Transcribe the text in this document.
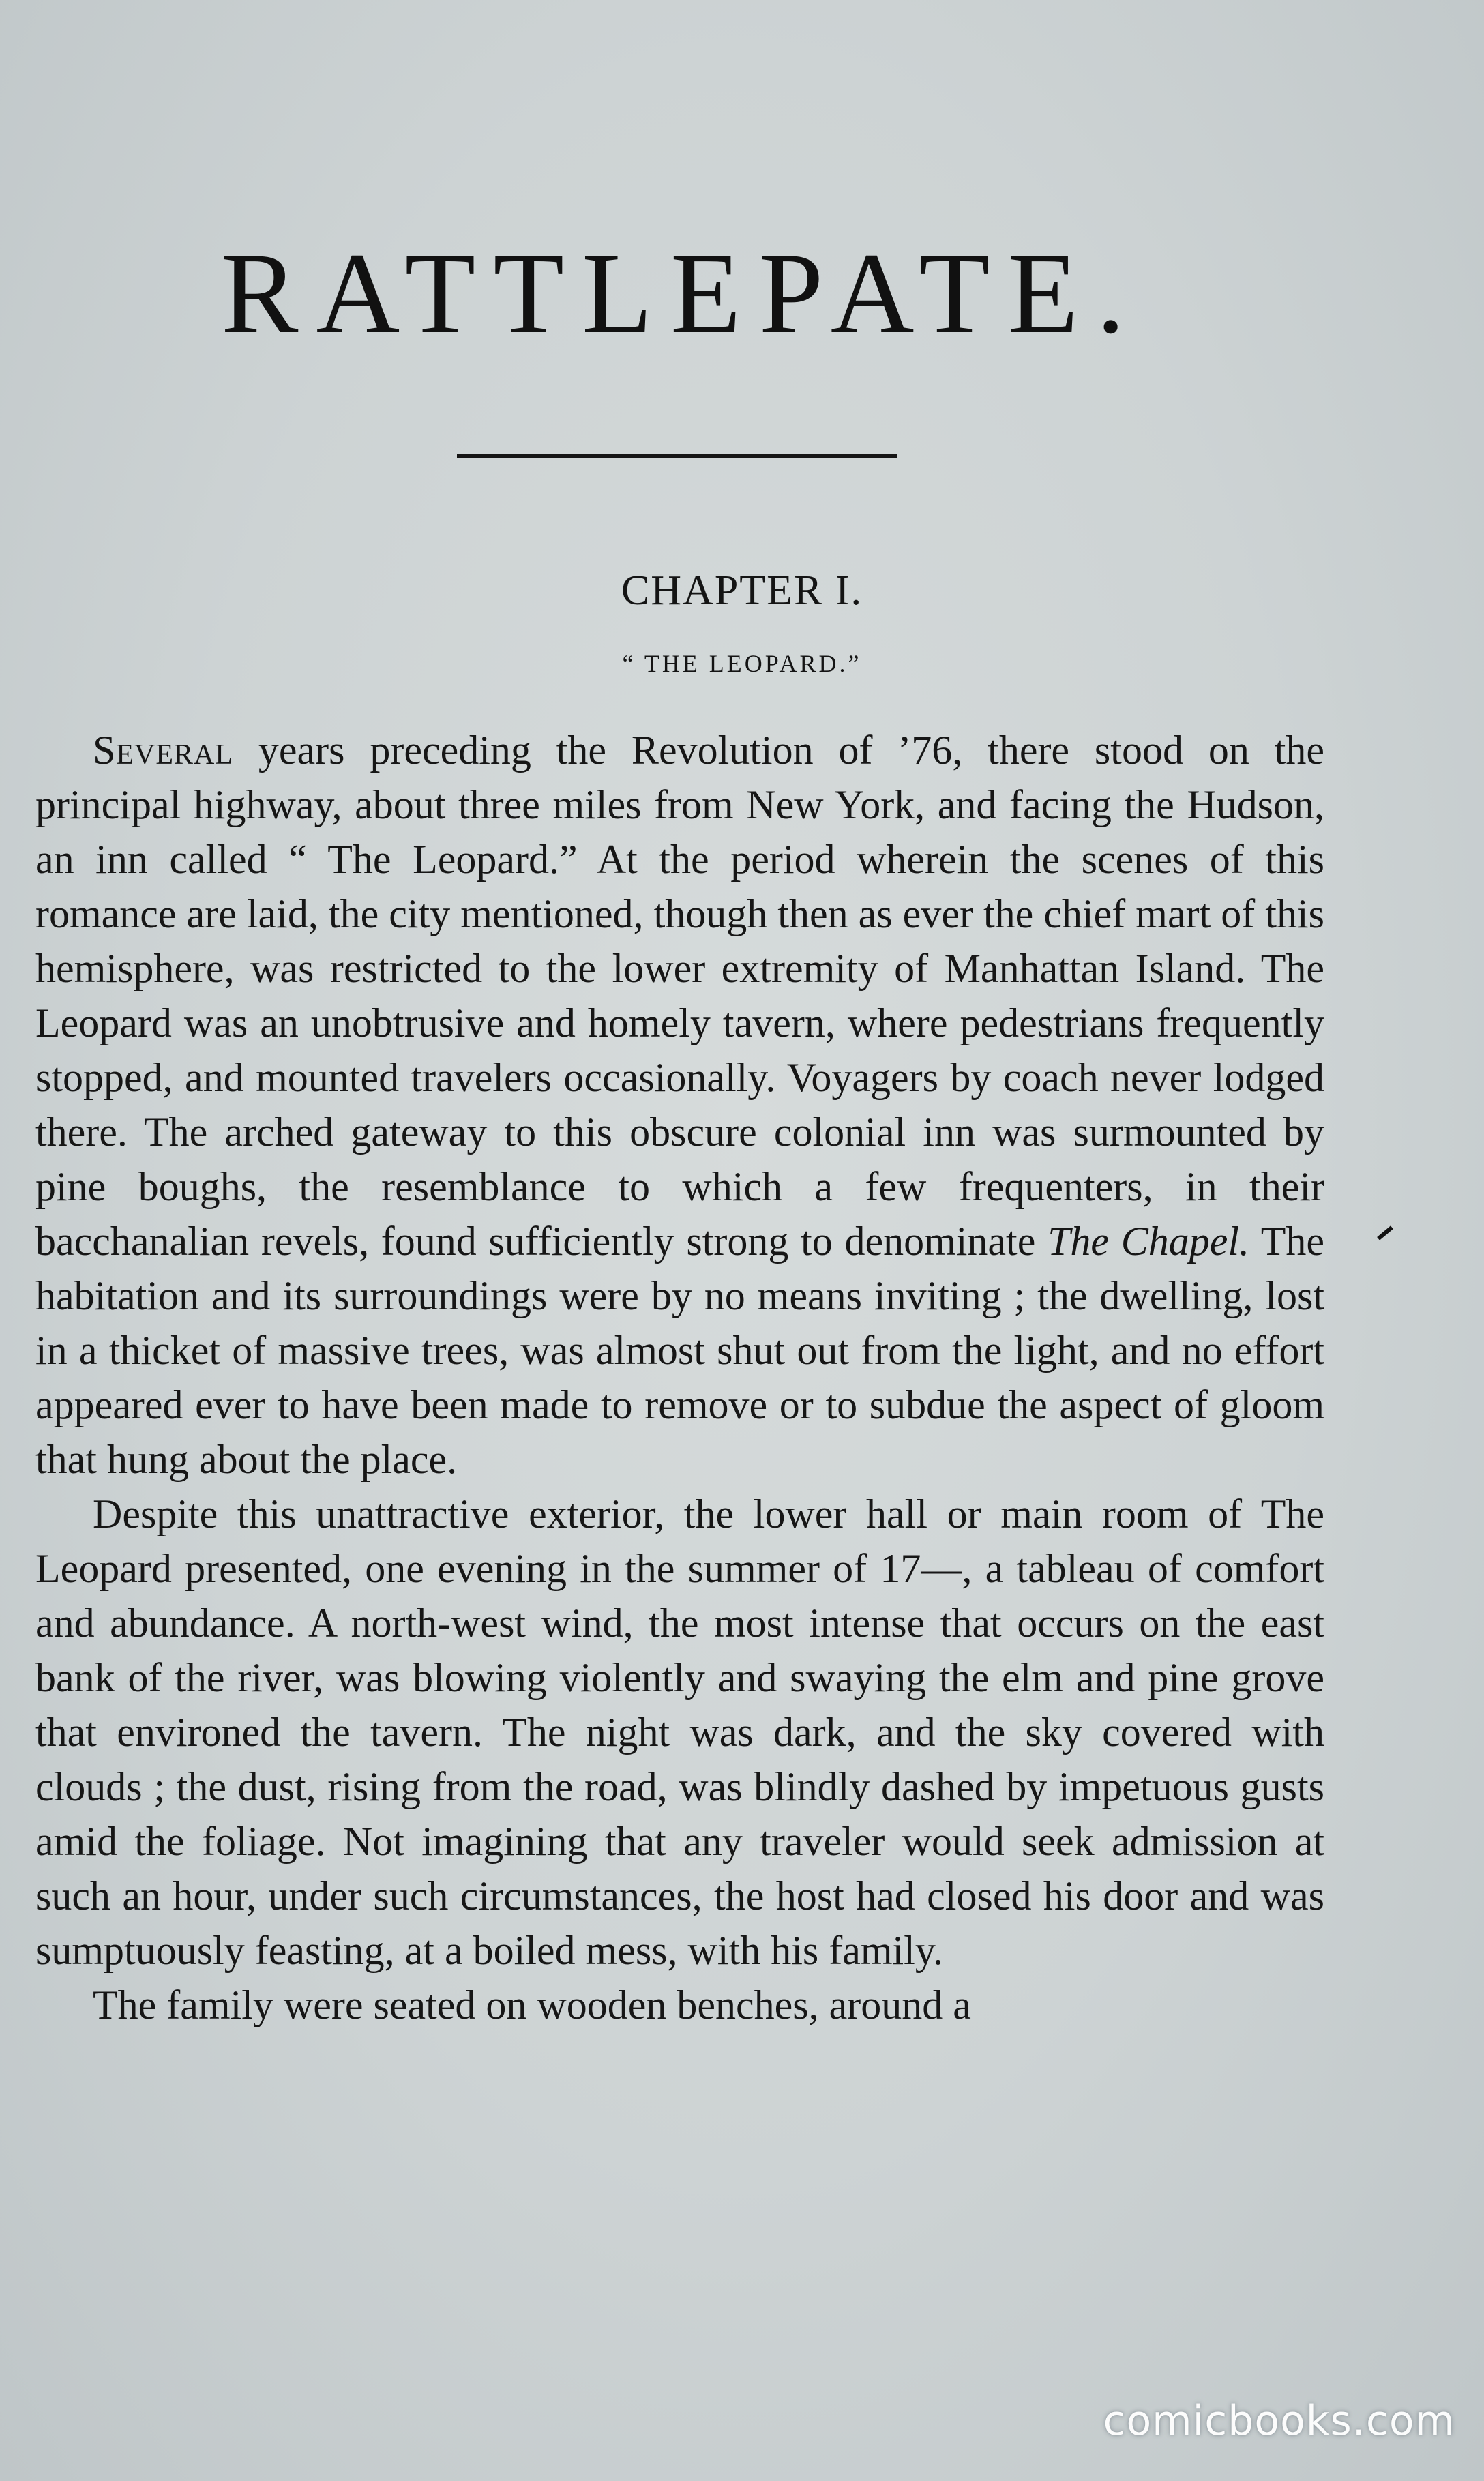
RATTLEPATE.
CHAPTER I.
“ THE LEOPARD.”

Several years preceding the Revolution of ’76, there stood on the principal highway, about three miles from New York, and facing the Hudson, an inn called “ The Leopard.” At the period wherein the scenes of this romance are laid, the city mentioned, though then as ever the chief mart of this hemisphere, was restricted to the lower extremity of Manhattan Island. The Leopard was an unobtrusive and homely tavern, where pedestrians frequently stopped, and mounted travelers occasionally. Voyagers by coach never lodged there. The arched gateway to this obscure colonial inn was surmounted by pine boughs, the resemblance to which a few frequenters, in their bacchanalian revels, found sufficiently strong to denominate The Chapel. The habitation and its surroundings were by no means inviting ; the dwelling, lost in a thicket of massive trees, was almost shut out from the light, and no effort appeared ever to have been made to remove or to subdue the aspect of gloom that hung about the place.

Despite this unattractive exterior, the lower hall or main room of The Leopard presented, one evening in the summer of 17—, a tableau of comfort and abundance. A north-west wind, the most intense that occurs on the east bank of the river, was blowing violently and swaying the elm and pine grove that environed the tavern. The night was dark, and the sky covered with clouds ; the dust, rising from the road, was blindly dashed by impetuous gusts amid the foliage. Not imagining that any traveler would seek admission at such an hour, under such circumstances, the host had closed his door and was sumptuously feasting, at a boiled mess, with his family.

The family were seated on wooden benches, around a

comicbooks.com
